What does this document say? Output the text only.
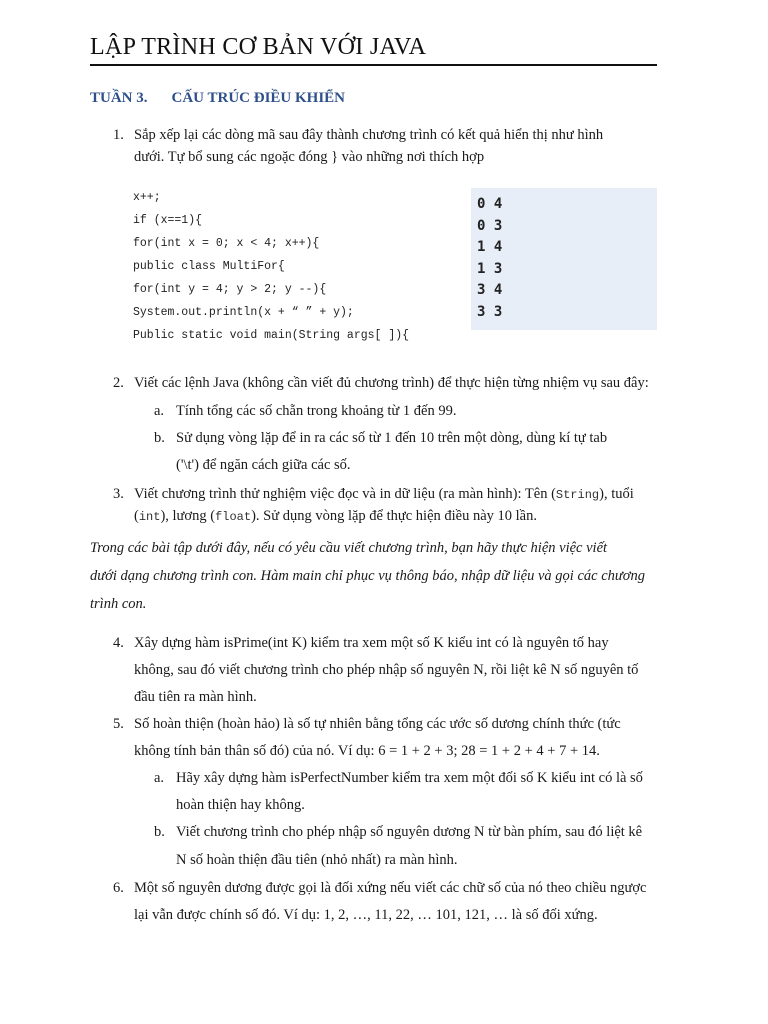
LẬP TRÌNH CƠ BẢN VỚI JAVA
TUẦN 3. CẤU TRÚC ĐIỀU KHIỂN
1. Sắp xếp lại các dòng mã sau đây thành chương trình có kết quả hiển thị như hình
dưới. Tự bổ sung các ngoặc đóng } vào những nơi thích hợp
x++;
if (x==1){
for(int x = 0; x < 4; x++){
public class MultiFor{
for(int y = 4; y > 2; y --){
System.out.println(x + “ ” + y);
Public static void main(String args[ ]){
0 4
0 3
1 4
1 3
3 4
3 3
2. Viết các lệnh Java (không cần viết đủ chương trình) để thực hiện từng nhiệm vụ sau đây:
a. Tính tổng các số chẵn trong khoảng từ 1 đến 99.
b. Sử dụng vòng lặp để in ra các số từ 1 đến 10 trên một dòng, dùng kí tự tab
('\t') để ngăn cách giữa các số.
3. Viết chương trình thử nghiệm việc đọc và in dữ liệu (ra màn hình): Tên (String), tuổi
(int), lương (float). Sử dụng vòng lặp để thực hiện điều này 10 lần.
Trong các bài tập dưới đây, nếu có yêu cầu viết chương trình, bạn hãy thực hiện việc viết
dưới dạng chương trình con. Hàm main chỉ phục vụ thông báo, nhập dữ liệu và gọi các chương
trình con.
4. Xây dựng hàm isPrime(int K) kiểm tra xem một số K kiểu int có là nguyên tố hay
không, sau đó viết chương trình cho phép nhập số nguyên N, rồi liệt kê N số nguyên tố
đầu tiên ra màn hình.
5. Số hoàn thiện (hoàn hảo) là số tự nhiên bằng tổng các ước số dương chính thức (tức
không tính bản thân số đó) của nó. Ví dụ: 6 = 1 + 2 + 3; 28 = 1 + 2 + 4 + 7 + 14.
a. Hãy xây dựng hàm isPerfectNumber kiểm tra xem một đối số K kiểu int có là số
hoàn thiện hay không.
b. Viết chương trình cho phép nhập số nguyên dương N từ bàn phím, sau đó liệt kê
N số hoàn thiện đầu tiên (nhỏ nhất) ra màn hình.
6. Một số nguyên dương được gọi là đối xứng nếu viết các chữ số của nó theo chiều ngược
lại vẫn được chính số đó. Ví dụ: 1, 2, …, 11, 22, … 101, 121, … là số đối xứng.
